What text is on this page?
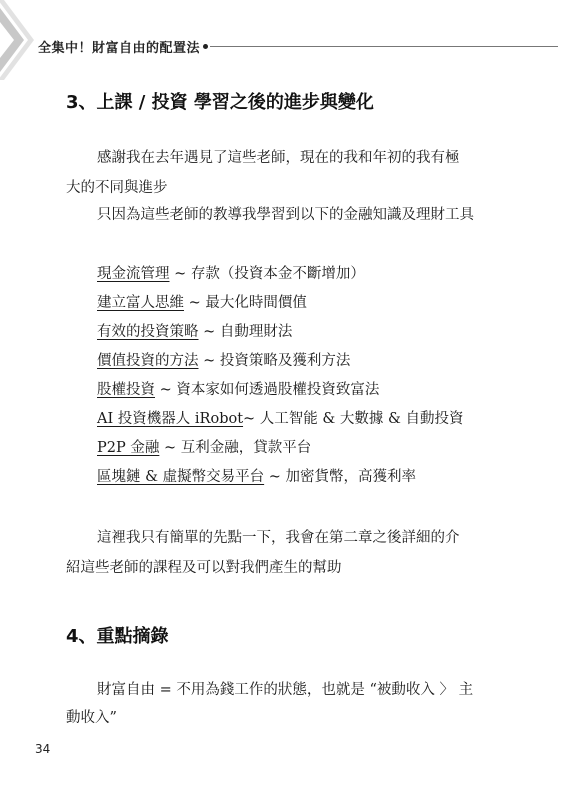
全集中！財富自由的配置法
3、上課 / 投資 學習之後的進步與變化
感謝我在去年遇見了這些老師，現在的我和年初的我有極
大的不同與進步
只因為這些老師的教導我學習到以下的金融知識及理財工具
現金流管理 ~ 存款（投資本金不斷增加）
建立富人思維 ~ 最大化時間價值
有效的投資策略 ~ 自動理財法
價值投資的方法 ~ 投資策略及獲利方法
股權投資 ~ 資本家如何透過股權投資致富法
AI 投資機器人 iRobot~ 人工智能 & 大數據 & 自動投資
P2P 金融 ~ 互利金融，貸款平台
區塊鏈 & 虛擬幣交易平台 ~ 加密貨幣，高獲利率
這裡我只有簡單的先點一下，我會在第二章之後詳細的介
紹這些老師的課程及可以對我們產生的幫助
4、重點摘錄
財富自由 = 不用為錢工作的狀態，也就是 “被動收入 〉 主
動收入”
34
